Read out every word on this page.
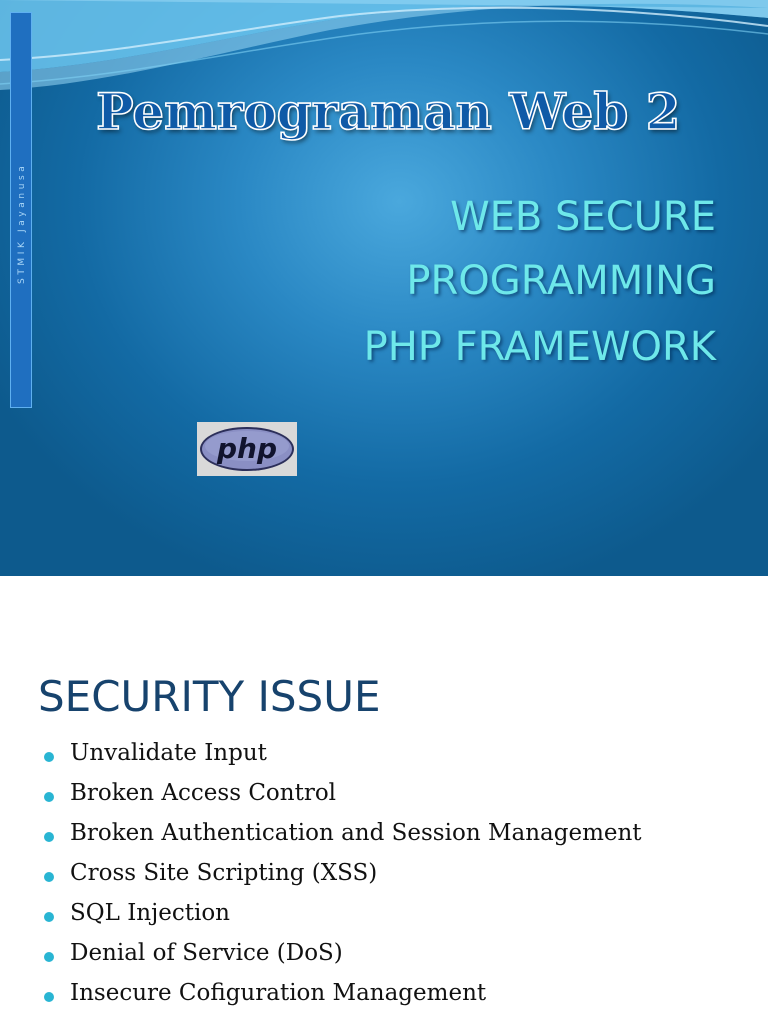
STMIK Jayanusa
Pemrograman Web 2
WEB SECURE
PROGRAMMING
PHP FRAMEWORK
php
SECURITY ISSUE
Unvalidate Input
Broken Access Control
Broken Authentication and Session Management
Cross Site Scripting (XSS)
SQL Injection
Denial of Service (DoS)
Insecure Cofiguration Management
